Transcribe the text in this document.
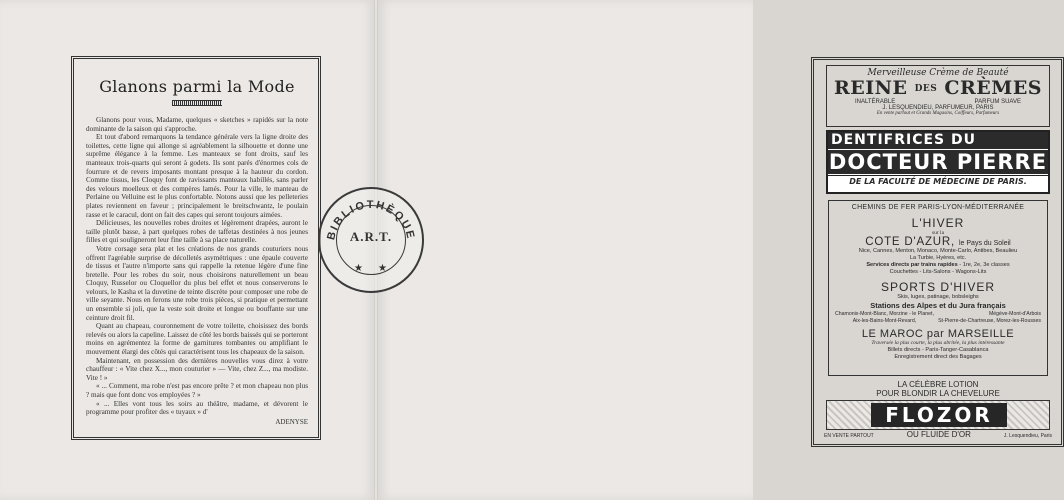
Glanons parmi la Mode

Glanons pour vous, Madame, quelques « sketches » rapidés sur la note dominante de la saison qui s'approche.

Et tout d'abord remarquons la tendance générale vers la ligne droite des toilettes, cette ligne qui allonge si agréablement la silhouette et donne une suprême élégance à la femme. Les manteaux se font droits, sauf les manteaux trois-quarts qui seront à godets. Ils sont parés d'énormes cols de fourrure et de revers imposants montant presque à la hauteur du cordon. Comme tissus, les Cloquy font de ravissants manteaux habillés, sans parler des velours moelleux et des compères lamés. Pour la ville, le manteau de Perlaine ou Velluine est le plus confortable. Notons aussi que les pelleteries plates reviennent en faveur ; principalement le breitschwantz, le poulain rasse et le caracul, dont on fait des capes qui seront toujours aimées.

Délicieuses, les nouvelles robes droites et légèrement drapées, auront le taille plutôt basse, à part quelques robes de taffetas destinées à nos jeunes filles et qui souligneront leur fine taille à sa place naturelle.

Votre corsage sera plat et les créations de nos grands couturiers nous offrent l'agréable surprise de décolletés asymétriques : une épaule couverte de tissus et l'autre n'importe sans qui rappelle la retenue légère d'une fine bretelle. Pour les robes du soir, nous choisirons naturellement un beau Cloquy, Russelor ou Cloquellor du plus bel effet et nous conserverons le velours, le Kasha et la duvetine de teinte discrète pour composer une robe de ville seyante. Nous en ferons une robe trois pièces, si pratique et permettant un ensemble si joli, que la veste soit droite et longue ou bouffante sur une ceinture droit fil.

Quant au chapeau, couronnement de votre toilette, choisissez des bords relevés ou alors la capeline. Laissez de côté les bords baissés qui se porteront moins en agrémentez la forme de garnitures tombantes ou amplifiant le mouvement élargi des côtés qui caractérisent tous les chapeaux de la saison.

Maintenant, en possession des dernières nouvelles vous direz à votre chauffeur : « Vite chez X..., mon couturier » — Vite, chez Z..., ma modiste. Vite ! »

« ... Comment, ma robe n'est pas encore prête ? et mon chapeau non plus ? mais que font donc vos employées ? »

« ... Elles vont tous les soirs au théâtre, madame, et dévorent le programme pour profiter des « tuyaux » d'

ADENYSE
Merveilleuse Crème de Beauté
REINE DES CRÈMES
INALTÉRABLE	PARFUM SUAVE
J. LESQUENDIEU, PARFUMEUR, PARIS
En vente partout et Grands Magasins, Coiffeurs, Parfumeurs
DENTIFRICES DU
DOCTEUR PIERRE
DE LA FACULTÉ DE MÉDECINE DE PARIS.
CHEMINS DE FER PARIS-LYON-MÉDITERRANÉE
L'HIVER
sur la
COTE D'AZUR, le Pays du Soleil
Nice, Cannes, Menton, Monaco, Monte-Carlo, Antibes, Beaulieu
La Turbie, Hyères, etc.
Services directs par trains rapides - 1re, 2e, 3e classes
Couchettes - Lits-Salons - Wagons-Lits
SPORTS D'HIVER
Skis, luges, patinage, bobsleighs
Stations des Alpes et du Jura français
Chamonix-Mont-Blanc, Morzine - le Planet,
Aix-les-Bains-Mont-Revard,
Mégève-Mont-d'Arbois
St-Pierre-de-Chartreuse, Morez-les-Rousses
LE MAROC par MARSEILLE
Traversée la plus courte, la plus abritée, la plus intéressante
Billets directs - Paris-Tanger-Casablanca
Enregistrement direct des Bagages
LA CÉLÈBRE LOTION
POUR BLONDIR LA CHEVELURE
FLOZOR
EN VENTE PARTOUT	OU FLUIDE D'OR	J. Lesquendieu, Paris
BIBLIOTHÈQUE
★ ★
A.R.T.
